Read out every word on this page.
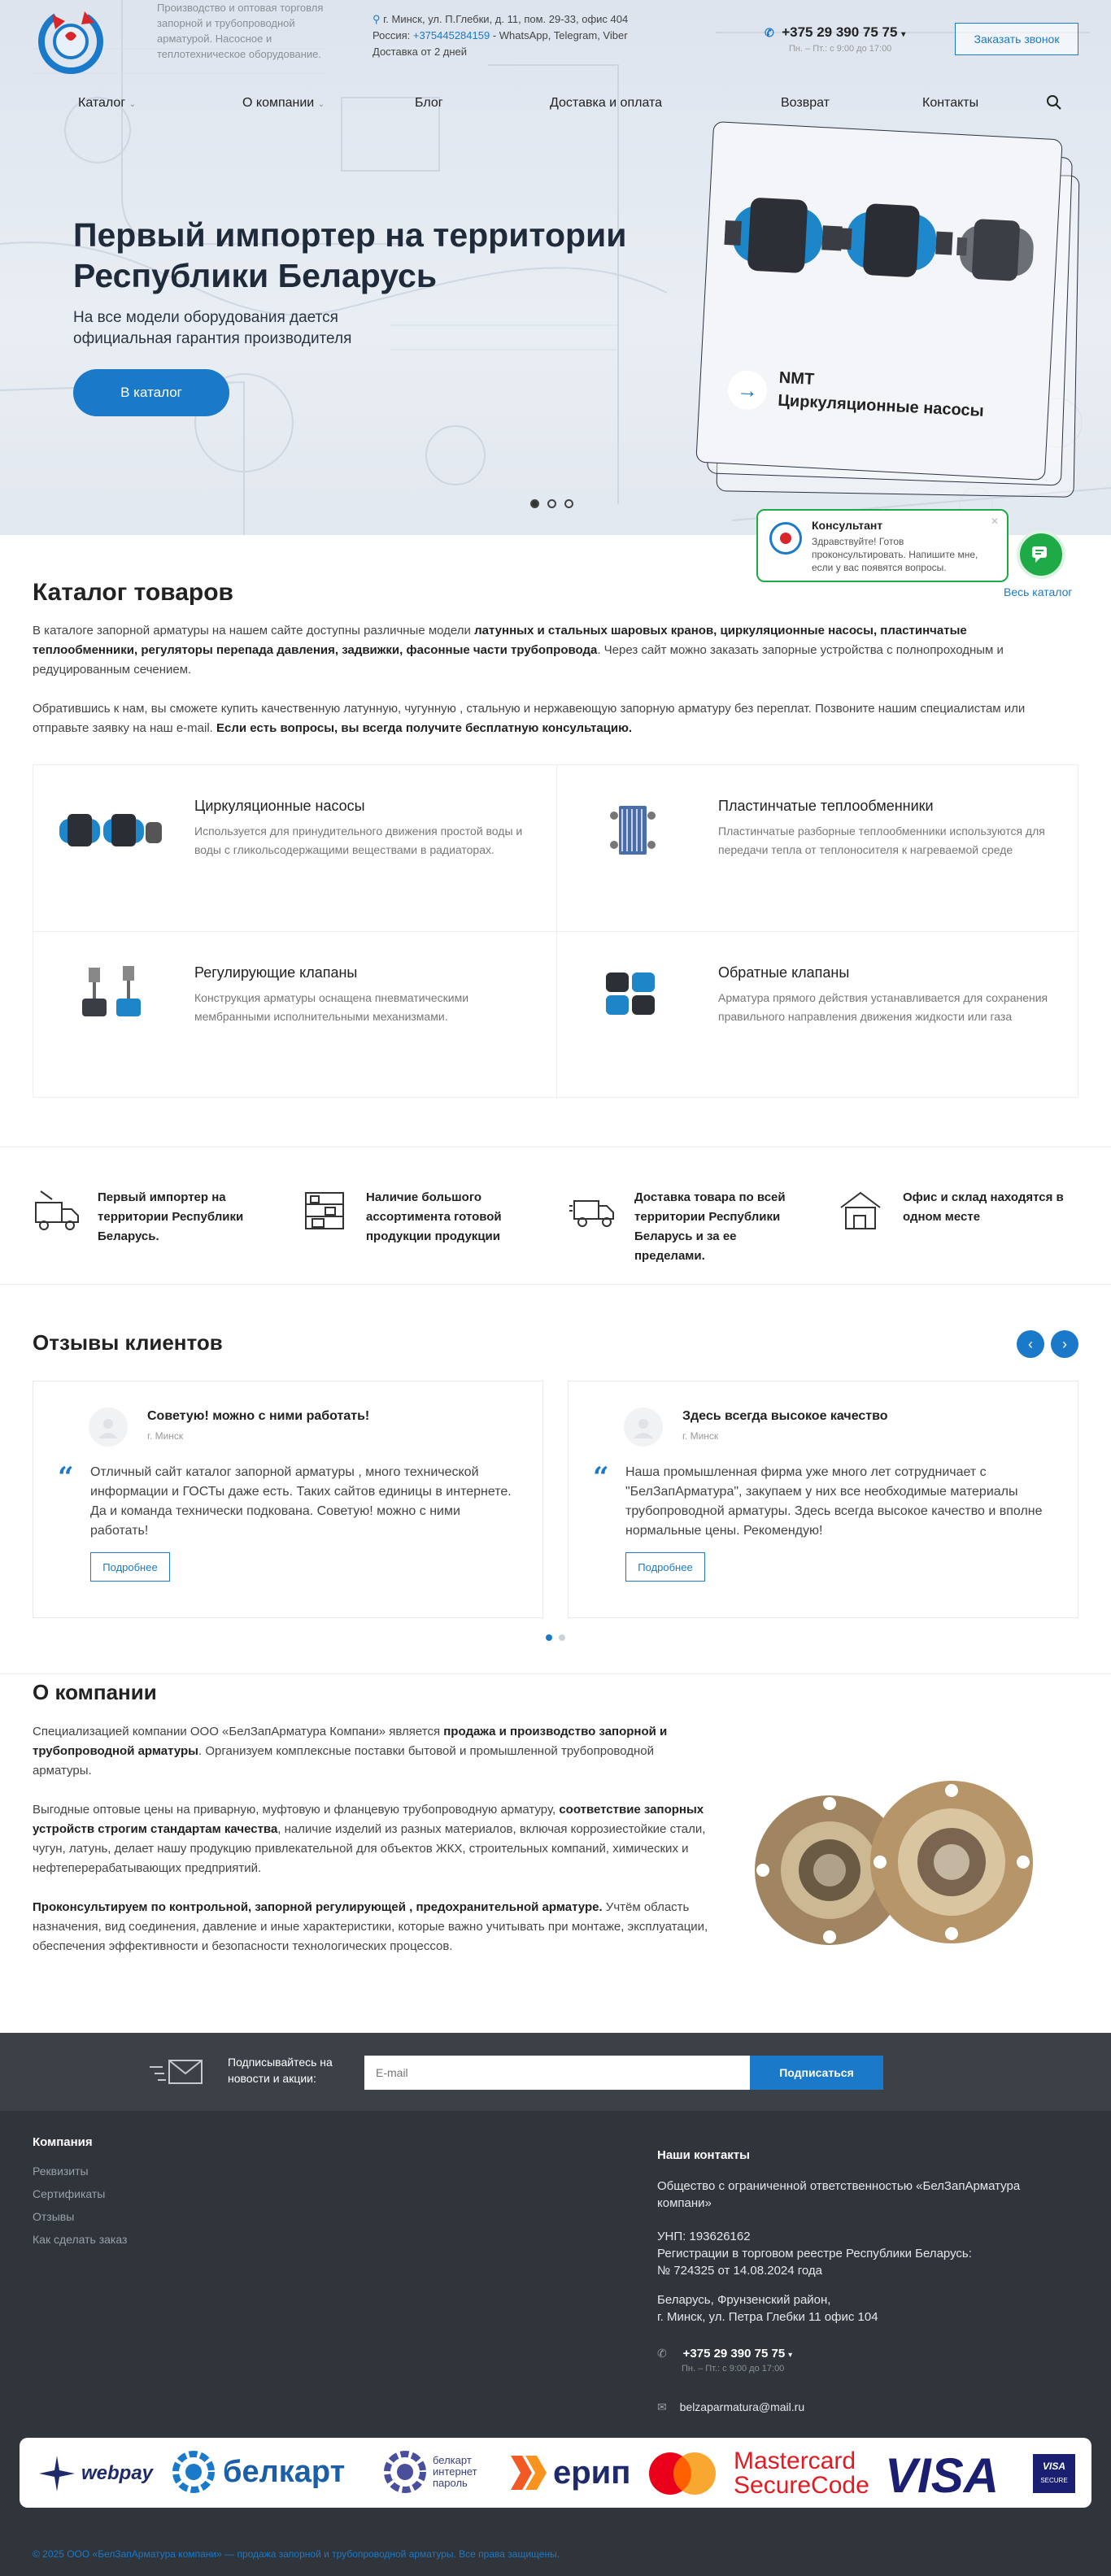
Первый импортер на территории Республики Беларусь
На все модели оборудования дается официальная гарантия производителя
В каталог	→	NMT
Циркуляционные насосы
Производство и оптовая торговля запорной и трубопроводной арматурой. Насосное и теплотехническое оборудование.
⚲ г. Минск, ул. П.Глебки, д. 11, пом. 29-33, офис 404
Россия: +375445284159 - WhatsApp, Telegram, Viber
Доставка от 2 дней
✆ +375 29 390 75 75 ▾
Пн. – Пт.: с 9:00 до 17:00
Заказать звонок
Каталог ⌄	О компании ⌄	Блог	Доставка и оплата	Возврат	Контакты
Консультант
Здравствуйте! Готов проконсультировать. Напишите мне, если у вас появятся вопросы.
✕
Весь каталог
Каталог товаров

В каталоге запорной арматуры на нашем сайте доступны различные модели латунных и стальных шаровых кранов, циркуляционные насосы, пластинчатые теплообменники, регуляторы перепада давления, задвижки, фасонные части трубопровода. Через сайт можно заказать запорные устройства с полнопроходным и редуцированным сечением.

Обратившись к нам, вы сможете купить качественную латунную, чугунную , стальную и нержавеющую запорную арматуру без переплат. Позвоните нашим специалистам или отправьте заявку на наш e-mail. Если есть вопросы, вы всегда получите бесплатную консультацию.

Циркуляционные насосы
Используется для принудительного движения простой воды и воды с гликольсодержащими веществами в радиаторах.
Пластинчатые теплообменники
Пластинчатые разборные теплообменники используются для передачи тепла от теплоносителя к нагреваемой среде
Регулирующие клапаны
Конструкция арматуры оснащена пневматическими мембранными исполнительными механизмами.
Обратные клапаны
Арматура прямого действия устанавливается для сохранения правильного направления движения жидкости или газа
Первый импортер на территории Республики Беларусь.
Наличие большого ассортимента готовой продукции продукции
Доставка товара по всей территории Республики Беларусь и за ее пределами.
Офис и склад находятся в одном месте
Отзывы клиентов	‹ ›
Советую! можно с ними работать!
г. Минск
“ Отличный сайт каталог запорной арматуры , много технической информации и ГОСТы даже есть. Таких сайтов единицы в интернете. Да и команда технически подкована. Советую! можно с ними работать!
Подробнее
Здесь всегда высокое качество
г. Минск
“ Наша промышленная фирма уже много лет сотрудничает с "БелЗапАрматура", закупаем у них все необходимые материалы трубопроводной арматуры. Здесь всегда высокое качество и вполне нормальные цены. Рекомендую!
Подробнее
О компании

Специализацией компании ООО «БелЗапАрматура Компани» является продажа и производство запорной и трубопроводной арматуры. Организуем комплексные поставки бытовой и промышленной трубопроводной арматуры.

Выгодные оптовые цены на приварную, муфтовую и фланцевую трубопроводную арматуру, соответствие запорных устройств строгим стандартам качества, наличие изделий из разных материалов, включая коррозиестойкие стали, чугун, латунь, делает нашу продукцию привлекательной для объектов ЖКХ, строительных компаний, химических и нефтеперерабатывающих предприятий.

Проконсультируем по контрольной, запорной регулирующей , предохранительной арматуре. Учтём область назначения, вид соединения, давление и иные характеристики, которые важно учитывать при монтаже, эксплуатации, обеспечения эффективности и безопасности технологических процессов.

Подписывайтесь на новости и акции:
E-mail	Подписаться
Компания
Реквизиты
Сертификаты
Отзывы
Как сделать заказ
Наши контакты
Общество с ограниченной ответственностью «БелЗапАрматура компани»
УНП: 193626162
Регистрации в торговом реестре Республики Беларусь:
№ 724325 от 14.08.2024 года
Беларусь, Фрунзенский район,
г. Минск, ул. Петра Глебки 11 офис 104
✆ +375 29 390 75 75 ▾
Пн. – Пт.: с 9:00 до 17:00
✉ belzaparmatura@mail.ru
webpay белкарт	белкарт
интернет
пароль	ерип	Mastercard
SecureCode VISA	VISA
SECURE
© 2025 ООО «БелЗапАрматура компани» — продажа запорной и трубопроводной арматуры. Все права защищены.
